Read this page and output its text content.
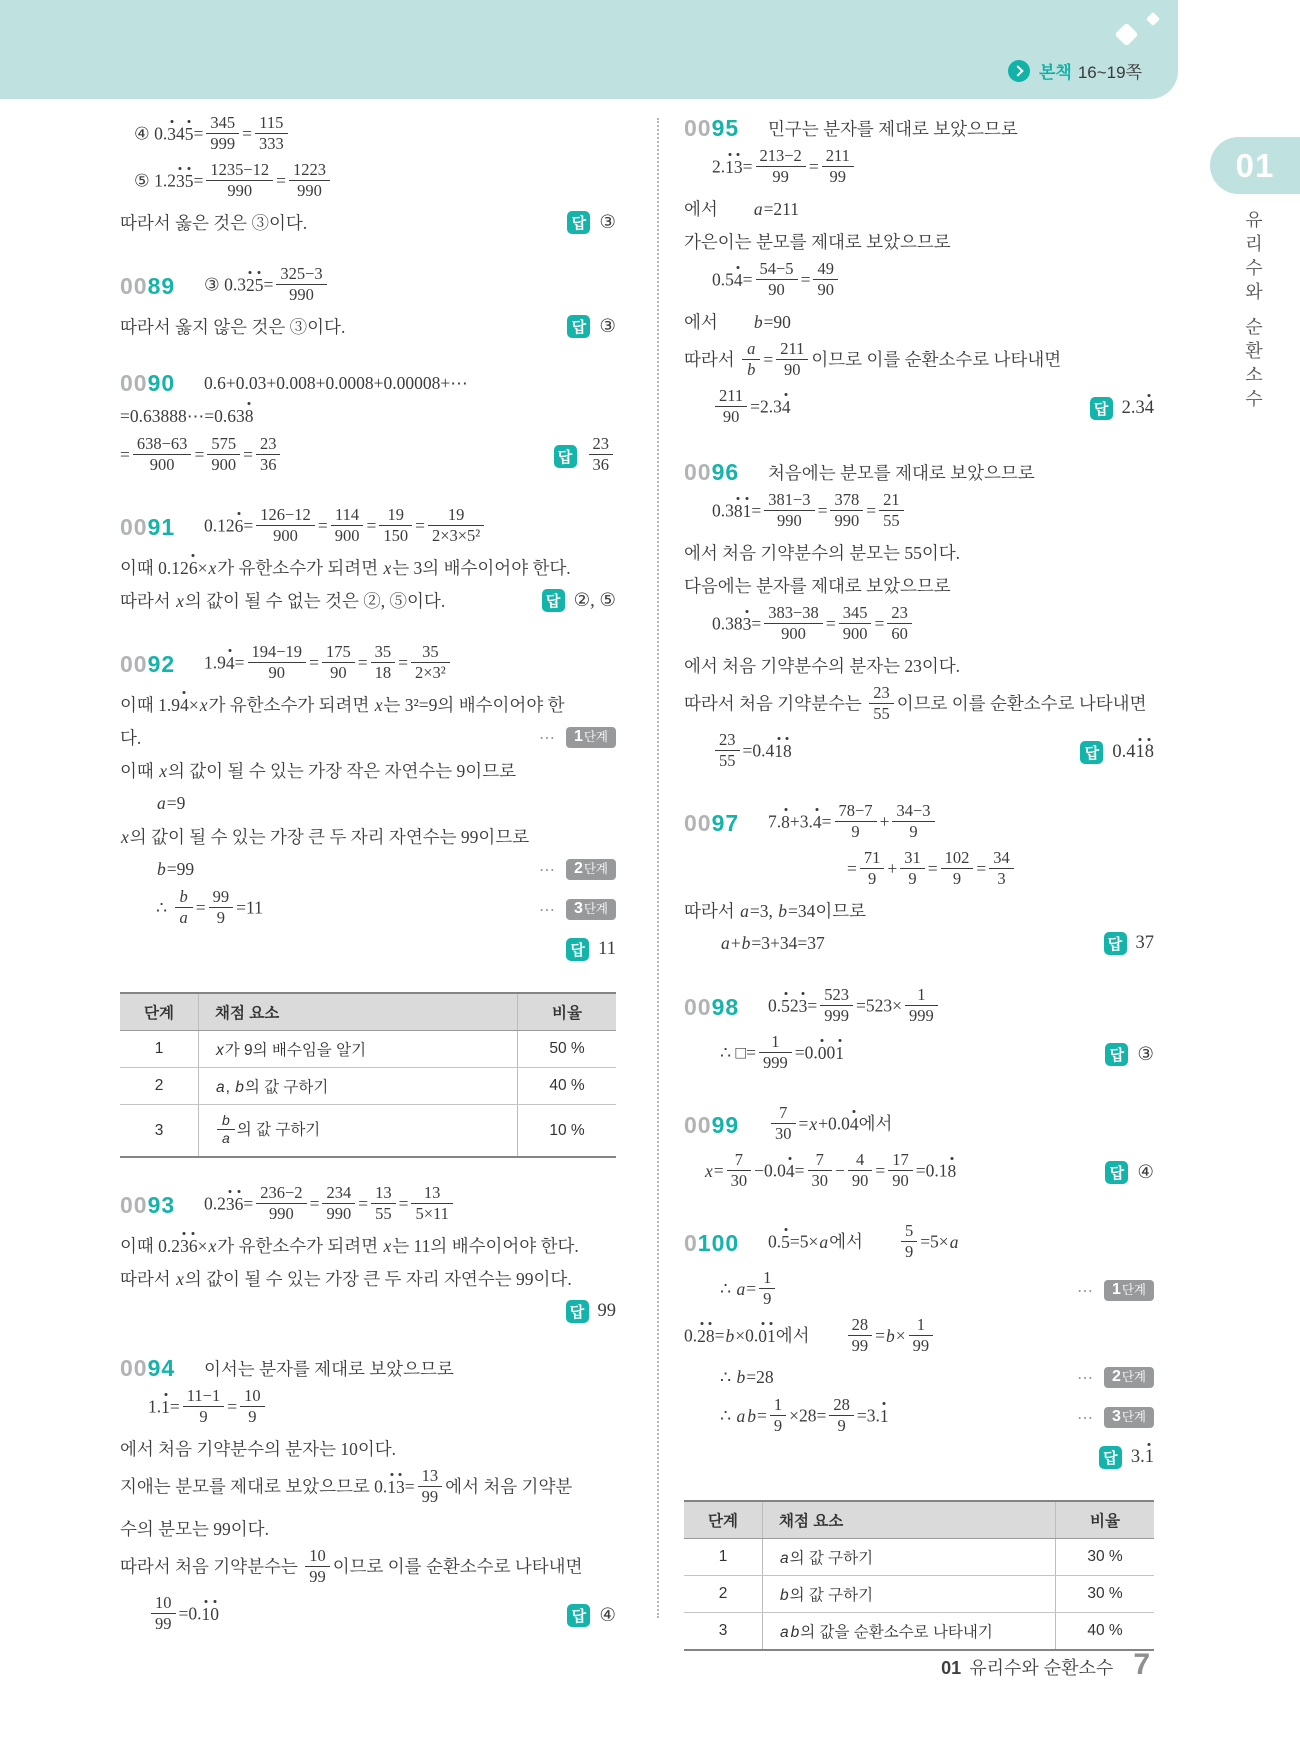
본책 16~19쪽
01
유리수와 순환소수
④ $0.345= \frac{345}{999} = \frac{115}{333}$
⑤ $1.235= \frac{1235-12}{990} = \frac{1223}{990}$
따라서 옳은 것은 ③이다.	답 ③
0089	③ $0.325= \frac{325-3}{990}$
따라서 옳지 않은 것은 ③이다.	답 ③
0090	0.6+0.03+0.008+0.0008+0.00008+⋯
=0.63888⋯=0.638
= $\frac{638-63}{900} = \frac{575}{900} = \frac{23}{36}$	답 $\frac{23}{36}$
0091	$0.126= \frac{126-12}{900} = \frac{114}{900} = \frac{19}{150} = \frac{19}{\text{2×3×5²}}$
이때 0.126×x가 유한소수가 되려면 x는 3의 배수이어야 한다.
따라서 x의 값이 될 수 없는 것은 ②, ⑤이다.	답 ②, ⑤
0092	$1.94= \frac{194-19}{90} = \frac{175}{90} = \frac{35}{18} = \frac{35}{\text{2×3²}}$
이때 1.94×x가 유한소수가 되려면 x는 3²=9의 배수이어야 한
다.	⋯	1단계
이때 x의 값이 될 수 있는 가장 작은 자연수는 9이므로
a=9
x의 값이 될 수 있는 가장 큰 두 자리 자연수는 99이므로
b=99	⋯	2단계
∴ $\frac{b}{a} = \frac{99}{9} =11$	⋯	3단계
답 11
단계	채점 요소	비율
1	x가 9의 배수임을 알기	50 %
2	a, b의 값 구하기	40 %
3	$\frac{b}{a}$ 의 값 구하기	10 %
0093	$0.236= \frac{236-2}{990} = \frac{234}{990} = \frac{13}{55} = \frac{13}{5\times 11}$
이때 0.236×x가 유한소수가 되려면 x는 11의 배수이어야 한다.
따라서 x의 값이 될 수 있는 가장 큰 두 자리 자연수는 99이다.
답 99
0094	이서는 분자를 제대로 보았으므로
$1.1= \frac{11-1}{9} = \frac{10}{9}$
에서 처음 기약분수의 분자는 10이다.
지애는 분모를 제대로 보았으므로 $0.13= \frac{13}{99}$ 에서 처음 기약분
수의 분모는 99이다.
따라서 처음 기약분수는 $\frac{10}{99}$ 이므로 이를 순환소수로 나타내면
$\frac{10}{99} =0.10$	답 ④
0095	민구는 분자를 제대로 보았으므로
$2.13= \frac{213-2}{99} = \frac{211}{99}$
에서  a=211
가은이는 분모를 제대로 보았으므로
$0.54= \frac{54-5}{90} = \frac{49}{90}$
에서  b=90
따라서 $\frac{a}{b} = \frac{211}{90}$ 이므로 이를 순환소수로 나타내면
$\frac{211}{90} =2.34$	답 2.34
0096	처음에는 분모를 제대로 보았으므로
$0.381= \frac{381-3}{990} = \frac{378}{990} = \frac{21}{55}$
에서 처음 기약분수의 분모는 55이다.
다음에는 분자를 제대로 보았으므로
$0.383= \frac{383-38}{900} = \frac{345}{900} = \frac{23}{60}$
에서 처음 기약분수의 분자는 23이다.
따라서 처음 기약분수는 $\frac{23}{55}$ 이므로 이를 순환소수로 나타내면
$\frac{23}{55} =0.418$	답 0.418
0097	$7.8+3.4= \frac{78-7}{9} + \frac{34-3}{9}$
= $\frac{71}{9} + \frac{31}{9} = \frac{102}{9} = \frac{34}{3}$
따라서 a=3, b=34이므로
a+b=3+34=37	답 37
0098	$0.523= \frac{523}{999} =523\times \frac{1}{999}$
∴ □= $\frac{1}{999} =0.001$	답 ③
0099	$\frac{7}{30} =x+0.04$에서
$x= \frac{7}{30} -0.04= \frac{7}{30} - \frac{4}{90} = \frac{17}{90} =0.18$	답 ④
0100	0.5=5×a에서   $\frac{5}{9} =5\times a$
∴ $a= \frac{1}{9}$	⋯	1단계
0.28=b×0.01에서   $\frac{28}{99} =b\times \frac{1}{99}$
∴ b=28	⋯	2단계
∴ a $b= \frac{1}{9} \times 28= \frac{28}{9} =3.1$	⋯	3단계
답 3.1
단계	채점 요소	비율
1	a의 값 구하기	30 %
2	b의 값 구하기	30 %
3	a b의 값을 순환소수로 나타내기	40 %
01 유리수와 순환소수 7
